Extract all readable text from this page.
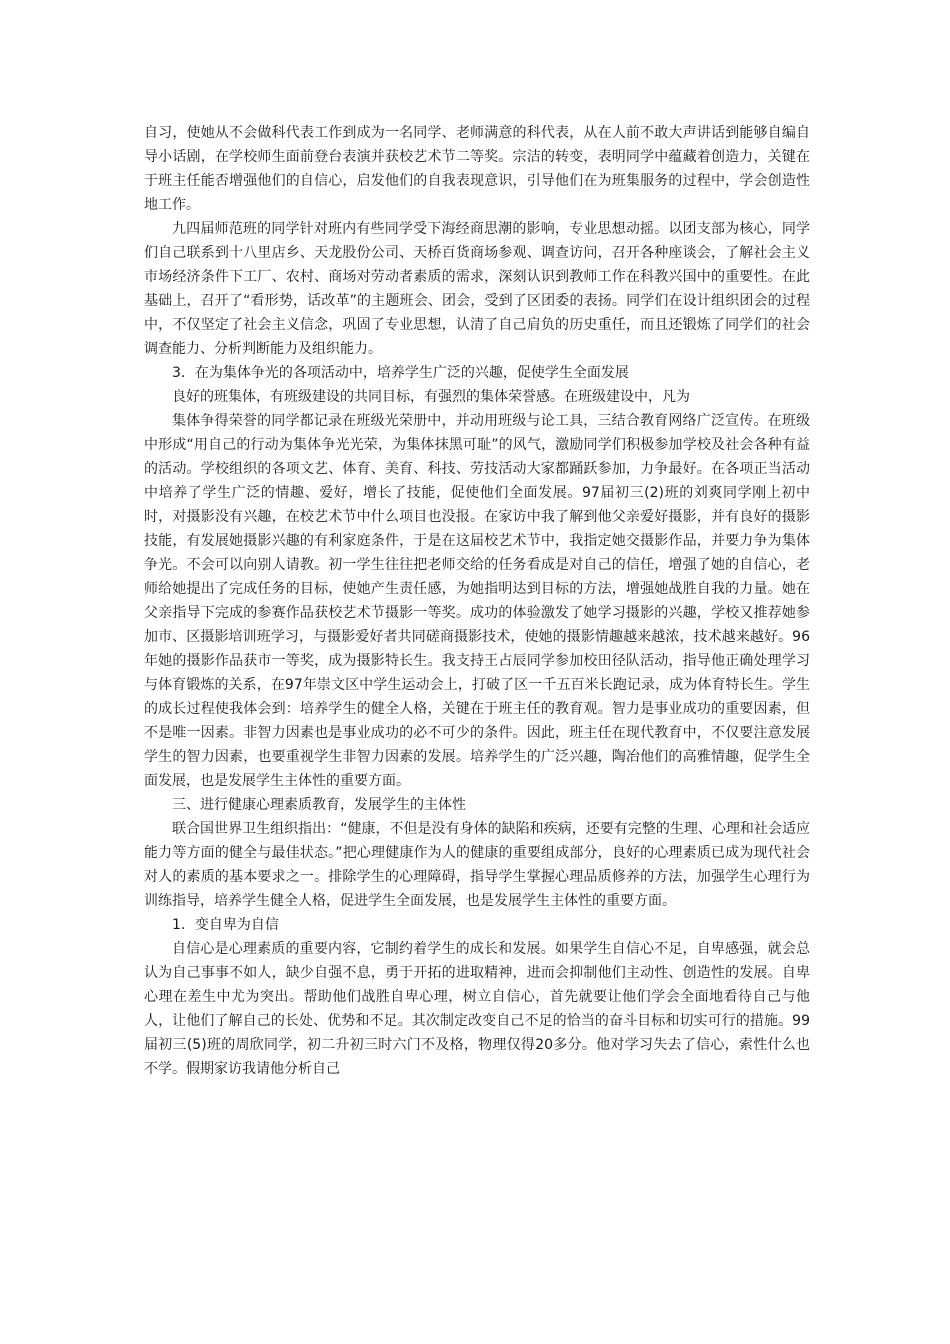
自习，使她从不会做科代表工作到成为一名同学、老师满意的科代表，从在人前不敢大声讲话到能够自编自导小话剧，在学校师生面前登台表演并获校艺术节二等奖。宗洁的转变，表明同学中蕴藏着创造力，关键在于班主任能否增强他们的自信心，启发他们的自我表现意识，引导他们在为班集服务的过程中，学会创造性地工作。

九四届师范班的同学针对班内有些同学受下海经商思潮的影响，专业思想动摇。以团支部为核心，同学们自己联系到十八里店乡、天龙股份公司、天桥百货商场参观、调查访问，召开各种座谈会，了解社会主义市场经济条件下工厂、农村、商场对劳动者素质的需求，深刻认识到教师工作在科教兴国中的重要性。在此基础上，召开了“看形势，话改革”的主题班会、团会，受到了区团委的表扬。同学们在设计组织团会的过程中，不仅坚定了社会主义信念，巩固了专业思想，认清了自己肩负的历史重任，而且还锻炼了同学们的社会调查能力、分析判断能力及组织能力。

3．在为集体争光的各项活动中，培养学生广泛的兴趣，促使学生全面发展

良好的班集体，有班级建设的共同目标，有强烈的集体荣誉感。在班级建设中，凡为

集体争得荣誉的同学都记录在班级光荣册中，并动用班级与论工具，三结合教育网络广泛宣传。在班级中形成“用自己的行动为集体争光光荣，为集体抹黑可耻”的风气，激励同学们积极参加学校及社会各种有益的活动。学校组织的各项文艺、体育、美育、科技、劳技活动大家都踊跃参加，力争最好。在各项正当活动中培养了学生广泛的情趣、爱好，增长了技能，促使他们全面发展。97届初三(2)班的刘爽同学刚上初中时，对摄影没有兴趣，在校艺术节中什么项目也没报。在家访中我了解到他父亲爱好摄影，并有良好的摄影技能，有发展她摄影兴趣的有利家庭条件，于是在这届校艺术节中，我指定她交摄影作品，并要力争为集体争光。不会可以向别人请教。初一学生往往把老师交给的任务看成是对自己的信任，增强了她的自信心，老师给她提出了完成任务的目标，使她产生责任感，为她指明达到目标的方法，增强她战胜自我的力量。她在父亲指导下完成的参赛作品获校艺术节摄影一等奖。成功的体验激发了她学习摄影的兴趣，学校又推荐她参加市、区摄影培训班学习，与摄影爱好者共同磋商摄影技术，使她的摄影情趣越来越浓，技术越来越好。96年她的摄影作品获市一等奖，成为摄影特长生。我支持王占辰同学参加校田径队活动，指导他正确处理学习与体育锻炼的关系，在97年崇文区中学生运动会上，打破了区一千五百米长跑记录，成为体育特长生。学生的成长过程使我体会到：培养学生的健全人格，关键在于班主任的教育观。智力是事业成功的重要因素，但不是唯一因素。非智力因素也是事业成功的必不可少的条件。因此，班主任在现代教育中，不仅要注意发展学生的智力因素，也要重视学生非智力因素的发展。培养学生的广泛兴趣，陶冶他们的高雅情趣，促学生全面发展，也是发展学生主体性的重要方面。

三、进行健康心理素质教育，发展学生的主体性

联合国世界卫生组织指出：“健康，不但是没有身体的缺陷和疾病，还要有完整的生理、心理和社会适应能力等方面的健全与最佳状态。”把心理健康作为人的健康的重要组成部分，良好的心理素质已成为现代社会对人的素质的基本要求之一。排除学生的心理障碍，指导学生掌握心理品质修养的方法，加强学生心理行为训练指导，培养学生健全人格，促进学生全面发展，也是发展学生主体性的重要方面。

1．变自卑为自信

自信心是心理素质的重要内容，它制约着学生的成长和发展。如果学生自信心不足，自卑感强，就会总认为自己事事不如人，缺少自强不息，勇于开拓的进取精神，进而会抑制他们主动性、创造性的发展。自卑心理在差生中尤为突出。帮助他们战胜自卑心理，树立自信心，首先就要让他们学会全面地看待自己与他人，让他们了解自己的长处、优势和不足。其次制定改变自己不足的恰当的奋斗目标和切实可行的措施。99届初三(5)班的周欣同学，初二升初三时六门不及格，物理仅得20多分。他对学习失去了信心，索性什么也不学。假期家访我请他分析自己
